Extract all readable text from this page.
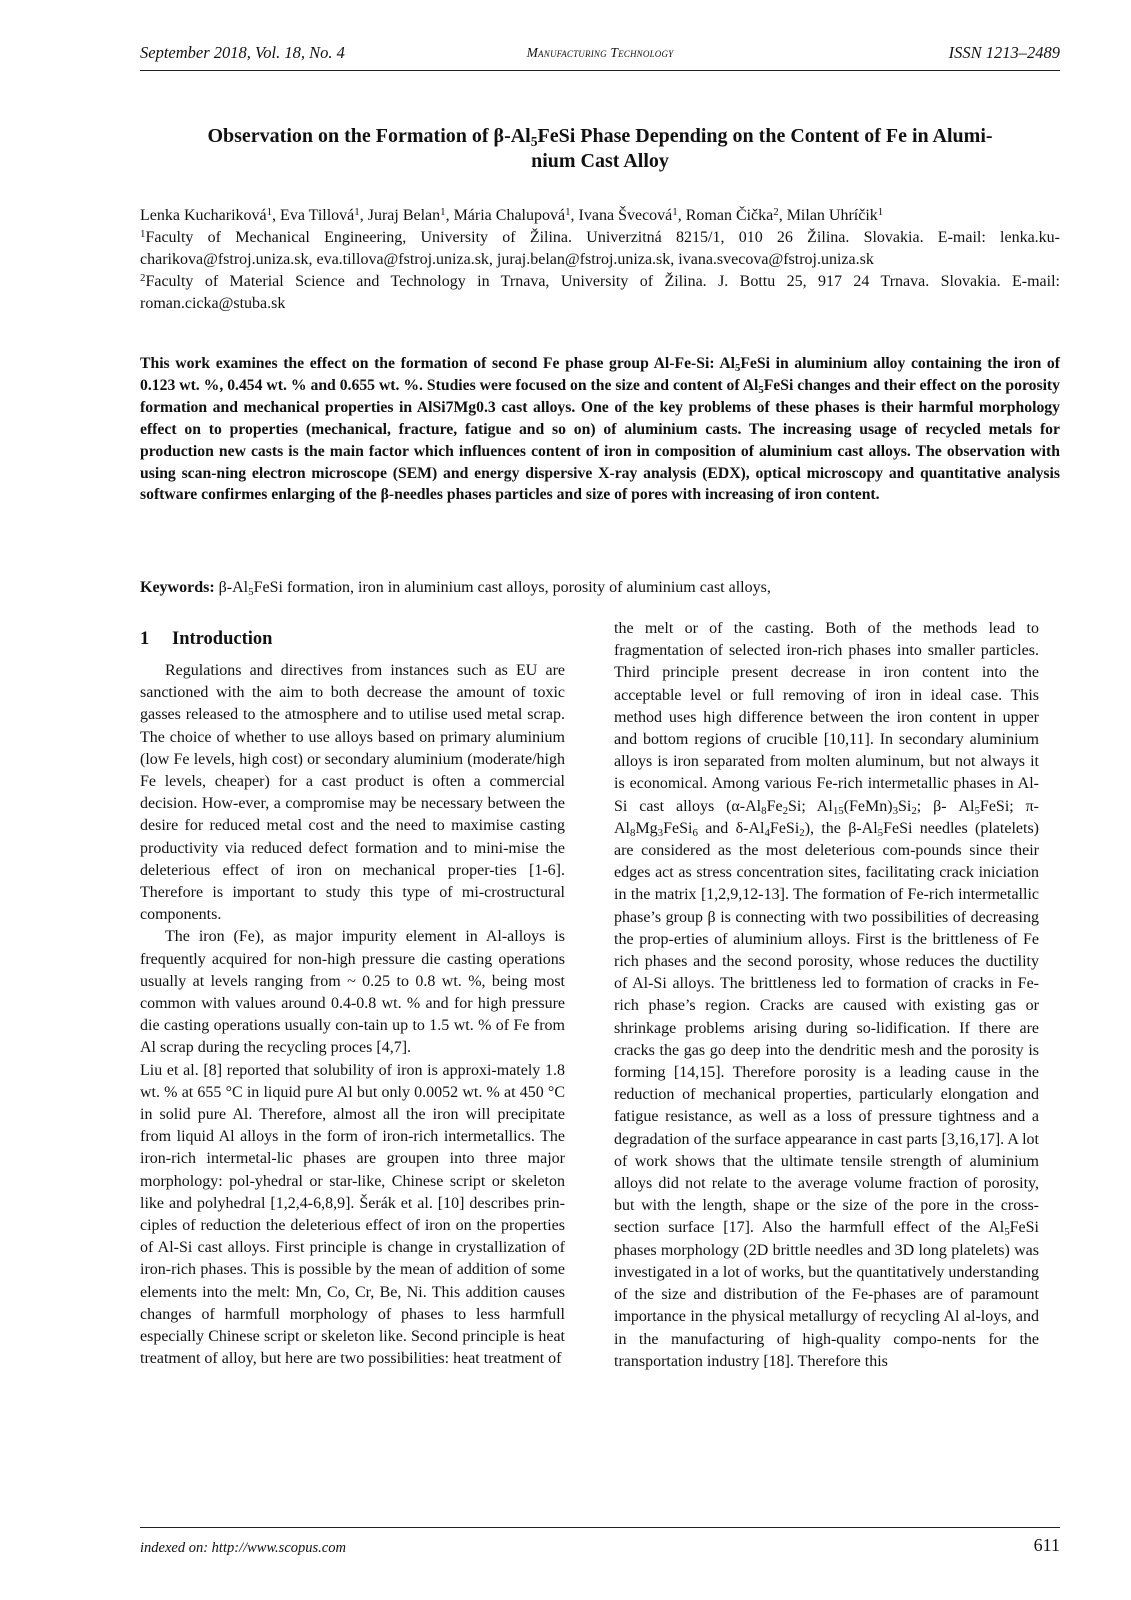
September 2018, Vol. 18, No. 4	Manufacturing Technology	ISSN 1213–2489
Observation on the Formation of $\beta-Al_5FeSi$ Phase Depending on the Content of Fe in Alumi-
nium Cast Alloy

Lenka Kuchariková$^1$, Eva Tillová$^1$, Juraj Belan$^1$, Mária Chalupová$^1$, Ivana Švecová$^1$, Roman Čička$^2$, Milan Uhríčik$^1$

$^1$Faculty of Mechanical Engineering, University of Žilina. Univerzitná 8215/1, 010 26 Žilina. Slovakia. E-mail: lenka.ku-charikova@fstroj.uniza.sk, eva.tillova@fstroj.uniza.sk, juraj.belan@fstroj.uniza.sk, ivana.svecova@fstroj.uniza.sk

$^2$Faculty of Material Science and Technology in Trnava, University of Žilina. J. Bottu 25, 917 24 Trnava. Slovakia. E-mail: roman.cicka@stuba.sk

This work examines the effect on the formation of second Fe phase group Al-Fe-Si: $Al_5FeSi$ in aluminium alloy containing the iron of 0.123 wt. %, 0.454 wt. % and 0.655 wt. %. Studies were focused on the size and content of $Al_5FeSi$ changes and their effect on the porosity formation and mechanical properties in AlSi7Mg0.3 cast alloys. One of the key problems of these phases is their harmful morphology effect on to properties (mechanical, fracture, fatigue and so on) of aluminium casts. The increasing usage of recycled metals for production new casts is the main factor which influences content of iron in composition of aluminium cast alloys. The observation with using scan-ning electron microscope (SEM) and energy dispersive X-ray analysis (EDX), optical microscopy and quantitative analysis software confirmes enlarging of the β-needles phases particles and size of pores with increasing of iron content.
Keywords: $\beta-Al_5FeSi$ formation, iron in aluminium cast alloys, porosity of aluminium cast alloys,
1 Introduction

Regulations and directives from instances such as EU are sanctioned with the aim to both decrease the amount of toxic gasses released to the atmosphere and to utilise used metal scrap. The choice of whether to use alloys based on primary aluminium (low Fe levels, high cost) or secondary aluminium (moderate/high Fe levels, cheaper) for a cast product is often a commercial decision. How-ever, a compromise may be necessary between the desire for reduced metal cost and the need to maximise casting productivity via reduced defect formation and to mini-mise the deleterious effect of iron on mechanical proper-ties [1-6]. Therefore is important to study this type of mi-crostructural components.

The iron (Fe), as major impurity element in Al-alloys is frequently acquired for non-high pressure die casting operations usually at levels ranging from ~ 0.25 to 0.8 wt. %, being most common with values around 0.4-0.8 wt. % and for high pressure die casting operations usually con-tain up to 1.5 wt. % of Fe from Al scrap during the recycling proces [4,7].

Liu et al. [8] reported that solubility of iron is approxi-mately 1.8 wt. % at 655 °C in liquid pure Al but only 0.0052 wt. % at 450 °C in solid pure Al. Therefore, almost all the iron will precipitate from liquid Al alloys in the form of iron-rich intermetallics. The iron-rich intermetal-lic phases are groupen into three major morphology: pol-yhedral or star-like, Chinese script or skeleton like and polyhedral [1,2,4-6,8,9]. Šerák et al. [10] describes prin-ciples of reduction the deleterious effect of iron on the properties of Al-Si cast alloys. First principle is change in crystallization of iron-rich phases. This is possible by the mean of addition of some elements into the melt: Mn, Co, Cr, Be, Ni. This addition causes changes of harmfull morphology of phases to less harmfull especially Chinese script or skeleton like. Second principle is heat treatment of alloy, but here are two possibilities: heat treatment of

the melt or of the casting. Both of the methods lead to fragmentation of selected iron-rich phases into smaller particles. Third principle present decrease in iron content into the acceptable level or full removing of iron in ideal case. This method uses high difference between the iron content in upper and bottom regions of crucible [10,11]. In secondary aluminium alloys is iron separated from molten aluminum, but not always it is economical. Among various Fe-rich intermetallic phases in Al-Si cast alloys ($\alpha-Al_8Fe_2Si$; $Al_{15}(FeMn)_3Si_2$; β- $Al_5FeSi$; $\pi-Al_8Mg_3FeSi_6$ and $\delta-Al_4FeSi_2$), the $\beta-Al_5FeSi$ needles (platelets) are considered as the most deleterious com-pounds since their edges act as stress concentration sites, facilitating crack iniciation in the matrix [1,2,9,12-13]. The formation of Fe-rich intermetallic phase’s group β is connecting with two possibilities of decreasing the prop-erties of aluminium alloys. First is the brittleness of Fe rich phases and the second porosity, whose reduces the ductility of Al-Si alloys. The brittleness led to formation of cracks in Fe-rich phase’s region. Cracks are caused with existing gas or shrinkage problems arising during so-lidification. If there are cracks the gas go deep into the dendritic mesh and the porosity is forming [14,15]. Therefore porosity is a leading cause in the reduction of mechanical properties, particularly elongation and fatigue resistance, as well as a loss of pressure tightness and a degradation of the surface appearance in cast parts [3,16,17]. A lot of work shows that the ultimate tensile strength of aluminium alloys did not relate to the average volume fraction of porosity, but with the length, shape or the size of the pore in the cross-section surface [17]. Also the harmfull effect of the $Al_5FeSi$ phases morphology (2D brittle needles and 3D long platelets) was investigated in a lot of works, but the quantitatively understanding of the size and distribution of the Fe-phases are of paramount importance in the physical metallurgy of recycling Al al-loys, and in the manufacturing of high-quality compo-nents for the transportation industry [18]. Therefore this

indexed on: http://www.scopus.com	611
